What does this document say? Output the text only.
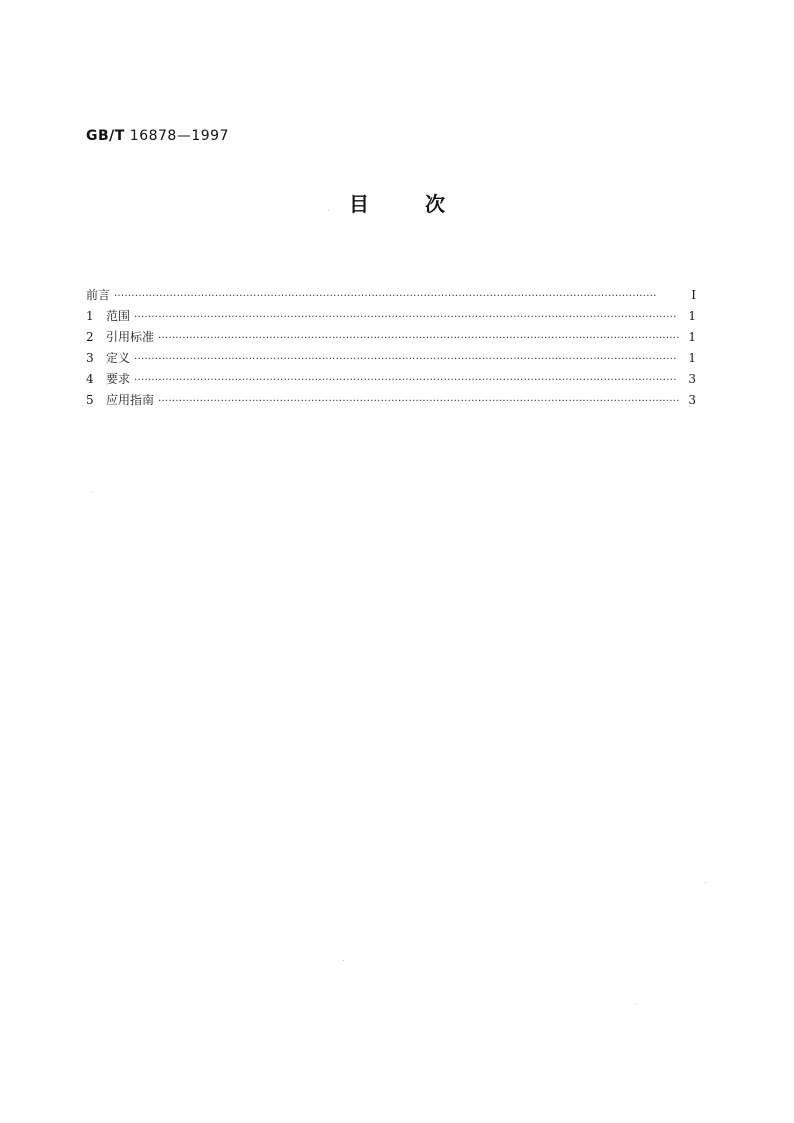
GB/T 16878—1997
目	次
前言 ·····	I
1	范围 ·····	1
2	引用标准 ·····	1
3	定义 ·····	1
4	要求 ·····	3
5	应用指南 ·····	3
